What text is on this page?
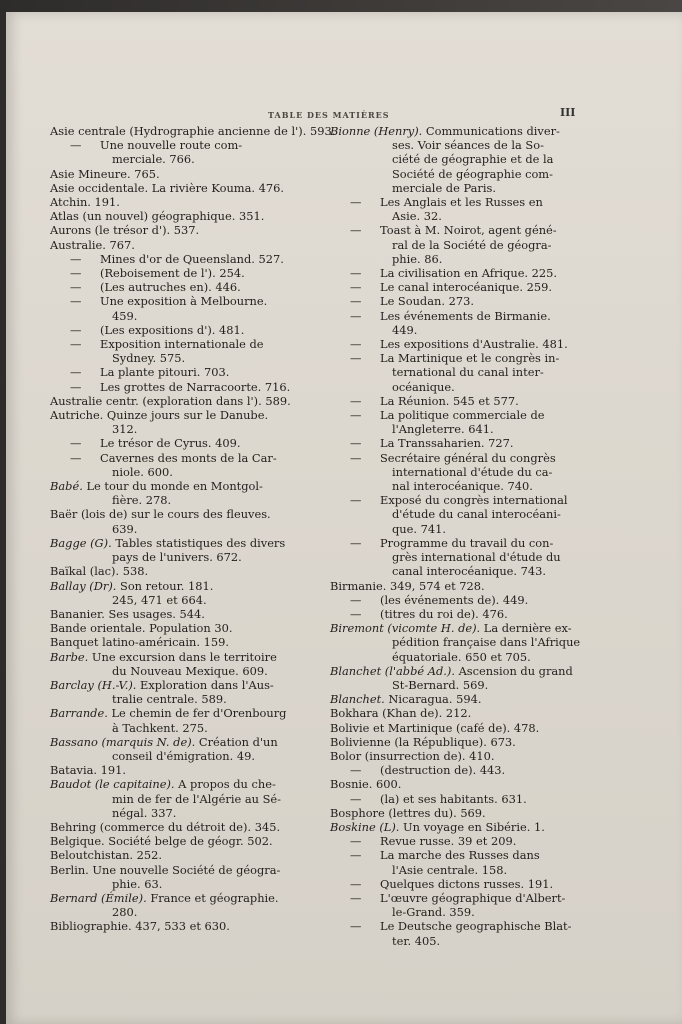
TABLE DES MATIÈRES	III
Asie centrale (Hydrographie ancienne de l'). 593.
— Une nouvelle route com-
merciale. 766.
Asie Mineure. 765.
Asie occidentale. La rivière Kouma. 476.
Atchin. 191.
Atlas (un nouvel) géographique. 351.
Aurons (le trésor d'). 537.
Australie. 767.
— Mines d'or de Queensland. 527.
— (Reboisement de l'). 254.
— (Les autruches en). 446.
— Une exposition à Melbourne.
459.
— (Les expositions d'). 481.
— Exposition internationale de
Sydney. 575.
— La plante pitouri. 703.
— Les grottes de Narracoorte. 716.
Australie centr. (exploration dans l'). 589.
Autriche. Quinze jours sur le Danube.
312.
— Le trésor de Cyrus. 409.
— Cavernes des monts de la Car-
niole. 600.
Babé. Le tour du monde en Montgol-
fière. 278.
Baër (lois de) sur le cours des fleuves.
639.
Bagge (G). Tables statistiques des divers
pays de l'univers. 672.
Baïkal (lac). 538.
Ballay (Dr). Son retour. 181.
245, 471 et 664.
Bananier. Ses usages. 544.
Bande orientale. Population 30.
Banquet latino-américain. 159.
Barbe. Une excursion dans le territoire
du Nouveau Mexique. 609.
Barclay (H.-V.). Exploration dans l'Aus-
tralie centrale. 589.
Barrande. Le chemin de fer d'Orenbourg
à Tachkent. 275.
Bassano (marquis N. de). Création d'un
conseil d'émigration. 49.
Batavia. 191.
Baudot (le capitaine). A propos du che-
min de fer de l'Algérie au Sé-
négal. 337.
Behring (commerce du détroit de). 345.
Belgique. Société belge de géogr. 502.
Beloutchistan. 252.
Berlin. Une nouvelle Société de géogra-
phie. 63.
Bernard (Émile). France et géographie.
280.
Bibliographie. 437, 533 et 630.
Bionne (Henry). Communications diver-
ses. Voir séances de la So-
ciété de géographie et de la
Société de géographie com-
merciale de Paris.
— Les Anglais et les Russes en
Asie. 32.
— Toast à M. Noirot, agent géné-
ral de la Société de géogra-
phie. 86.
— La civilisation en Afrique. 225.
— Le canal interocéanique. 259.
— Le Soudan. 273.
— Les événements de Birmanie.
449.
— Les expositions d'Australie. 481.
— La Martinique et le congrès in-
ternational du canal inter-
océanique.
— La Réunion. 545 et 577.
— La politique commerciale de
l'Angleterre. 641.
— La Transsaharien. 727.
— Secrétaire général du congrès
international d'étude du ca-
nal interocéanique. 740.
— Exposé du congrès international
d'étude du canal interocéani-
que. 741.
— Programme du travail du con-
grès international d'étude du
canal interocéanique. 743.
Birmanie. 349, 574 et 728.
— (les événements de). 449.
— (titres du roi de). 476.
Biremont (vicomte H. de). La dernière ex-
pédition française dans l'Afrique
équatoriale. 650 et 705.
Blanchet (l'abbé Ad.). Ascension du grand
St-Bernard. 569.
Blanchet. Nicaragua. 594.
Bokhara (Khan de). 212.
Bolivie et Martinique (café de). 478.
Bolivienne (la République). 673.
Bolor (insurrection de). 410.
— (destruction de). 443.
Bosnie. 600.
— (la) et ses habitants. 631.
Bosphore (lettres du). 569.
Boskine (L). Un voyage en Sibérie. 1.
— Revue russe. 39 et 209.
— La marche des Russes dans
l'Asie centrale. 158.
— Quelques dictons russes. 191.
— L'œuvre géographique d'Albert-
le-Grand. 359.
— Le Deutsche geographische Blat-
ter. 405.
